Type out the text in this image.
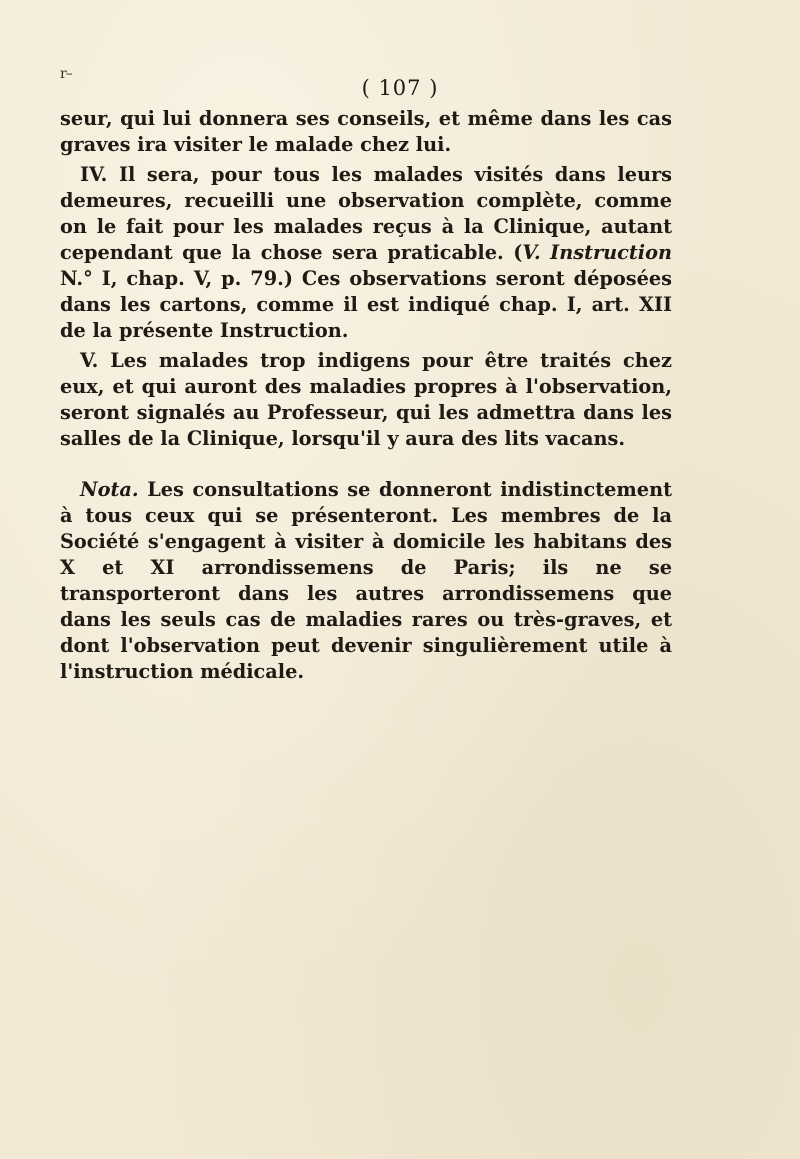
r–
( 107 )

seur, qui lui donnera ses conseils, et même dans les cas graves ira visiter le malade chez lui.

IV. Il sera, pour tous les malades visités dans leurs demeures, recueilli une observation complète, comme on le fait pour les malades reçus à la Clinique, autant cependant que la chose sera praticable. (V. Instruction N.° I, chap. V, p. 79.) Ces observations seront déposées dans les cartons, comme il est indiqué chap. I, art. XII de la présente Instruction.

V. Les malades trop indigens pour être traités chez eux, et qui auront des maladies propres à l'observation, seront signalés au Professeur, qui les admettra dans les salles de la Clinique, lorsqu'il y aura des lits vacans.

Nota. Les consultations se donneront indistinctement à tous ceux qui se présenteront. Les membres de la Société s'engagent à visiter à domicile les habitans des X et XI arrondissemens de Paris; ils ne se transporteront dans les autres arrondissemens que dans les seuls cas de maladies rares ou très-graves, et dont l'observation peut devenir singulièrement utile à l'instruction médicale.
